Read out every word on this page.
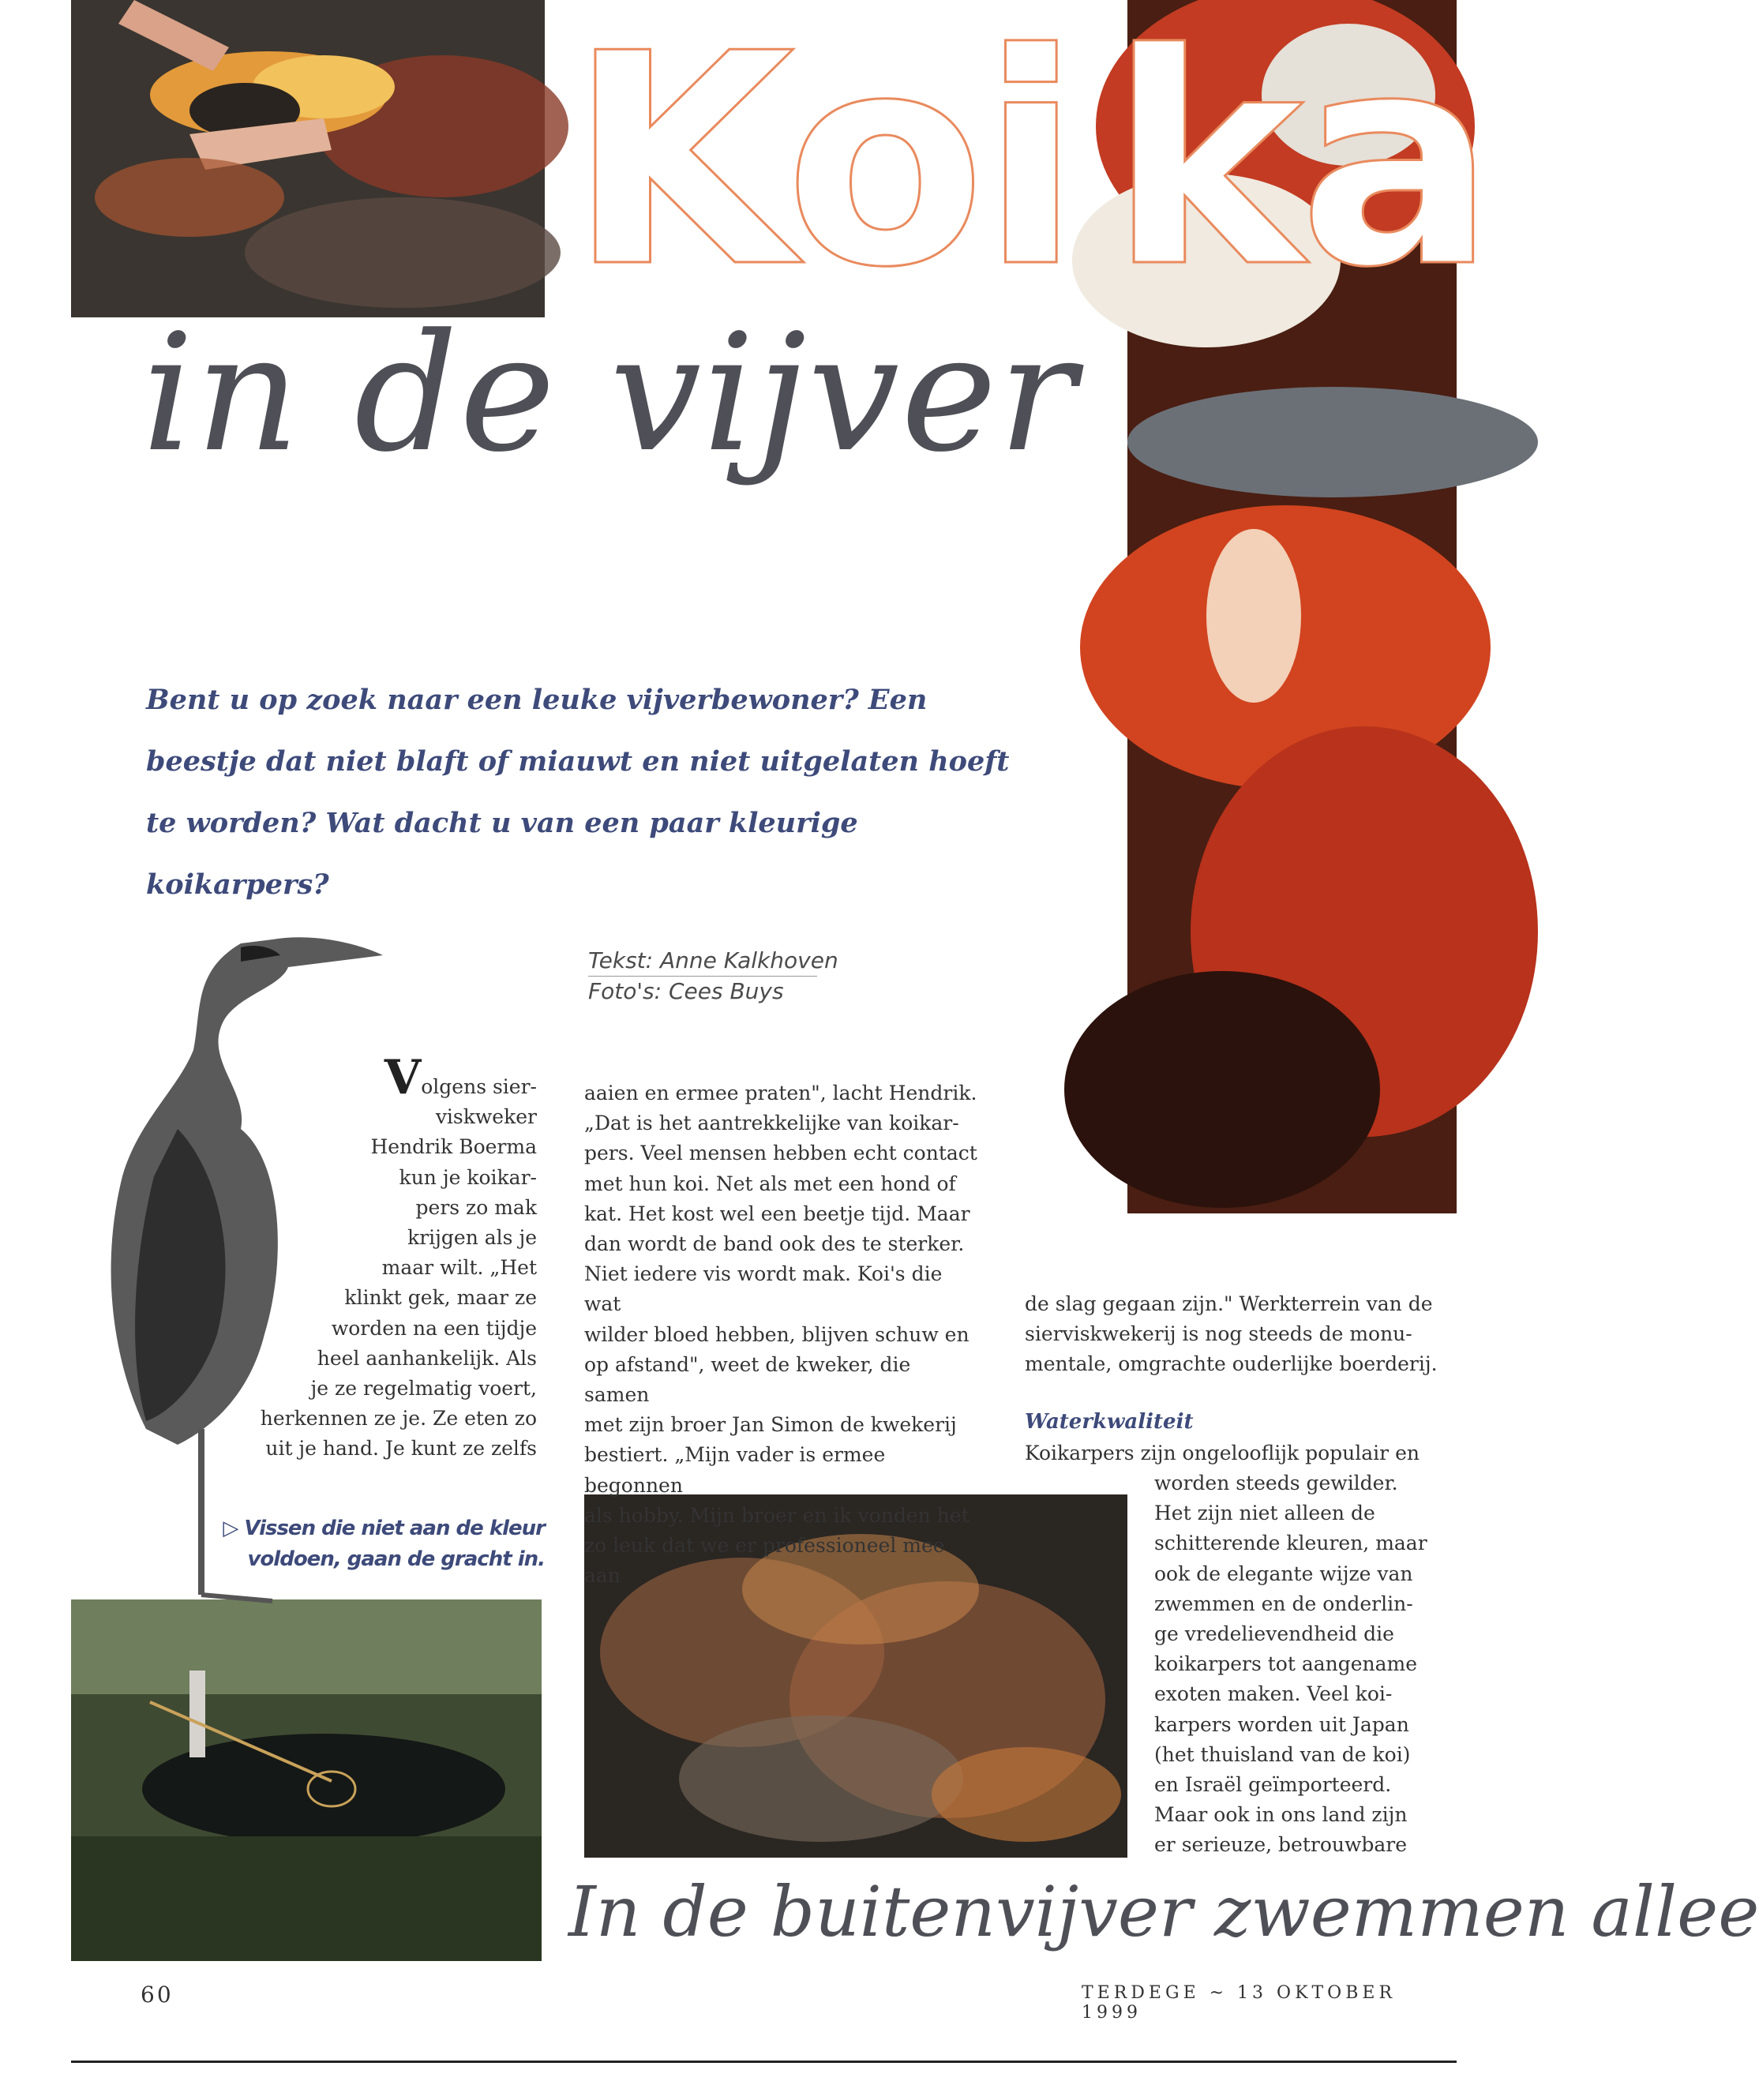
Koi ka
in de vijver
Bent u op zoek naar een leuke vijverbewoner? Een beestje dat niet blaft of miauwt en niet uitgelaten hoeft te worden? Wat dacht u van een paar kleurige koikarpers?
Tekst: Anne Kalkhoven
Foto's: Cees Buys
Volgens sier-
viskweker
Hendrik Boerma
kun je koikar-
pers zo mak
krijgen als je
maar wilt. „Het
klinkt gek, maar ze
worden na een tijdje
heel aanhankelijk. Als
je ze regelmatig voert,
herkennen ze je. Ze eten zo
uit je hand. Je kunt ze zelfs
aaien en ermee praten", lacht Hendrik.
„Dat is het aantrekkelijke van koikar-
pers. Veel mensen hebben echt contact
met hun koi. Net als met een hond of
kat. Het kost wel een beetje tijd. Maar
dan wordt de band ook des te sterker.
Niet iedere vis wordt mak. Koi's die wat
wilder bloed hebben, blijven schuw en
op afstand", weet de kweker, die samen
met zijn broer Jan Simon de kwekerij
bestiert. „Mijn vader is ermee begonnen
als hobby. Mijn broer en ik vonden het
zo leuk dat we er professioneel mee aan
de slag gegaan zijn." Werkterrein van de
sierviskwekerij is nog steeds de monu-
mentale, omgrachte ouderlijke boerderij.
Waterkwaliteit
Koikarpers zijn ongelooflijk populair en
worden steeds gewilder.
Het zijn niet alleen de
schitterende kleuren, maar
ook de elegante wijze van
zwemmen en de onderlin-
ge vredelievendheid die
koikarpers tot aangename
exoten maken. Veel koi-
karpers worden uit Japan
(het thuisland van de koi)
en Israël geïmporteerd.
Maar ook in ons land zijn
er serieuze, betrouwbare
▷ Vissen die niet aan de kleur voldoen, gaan de gracht in.
In de buitenvijver zwemmen allee
60	TERDEGE ~ 13 OKTOBER 1999
